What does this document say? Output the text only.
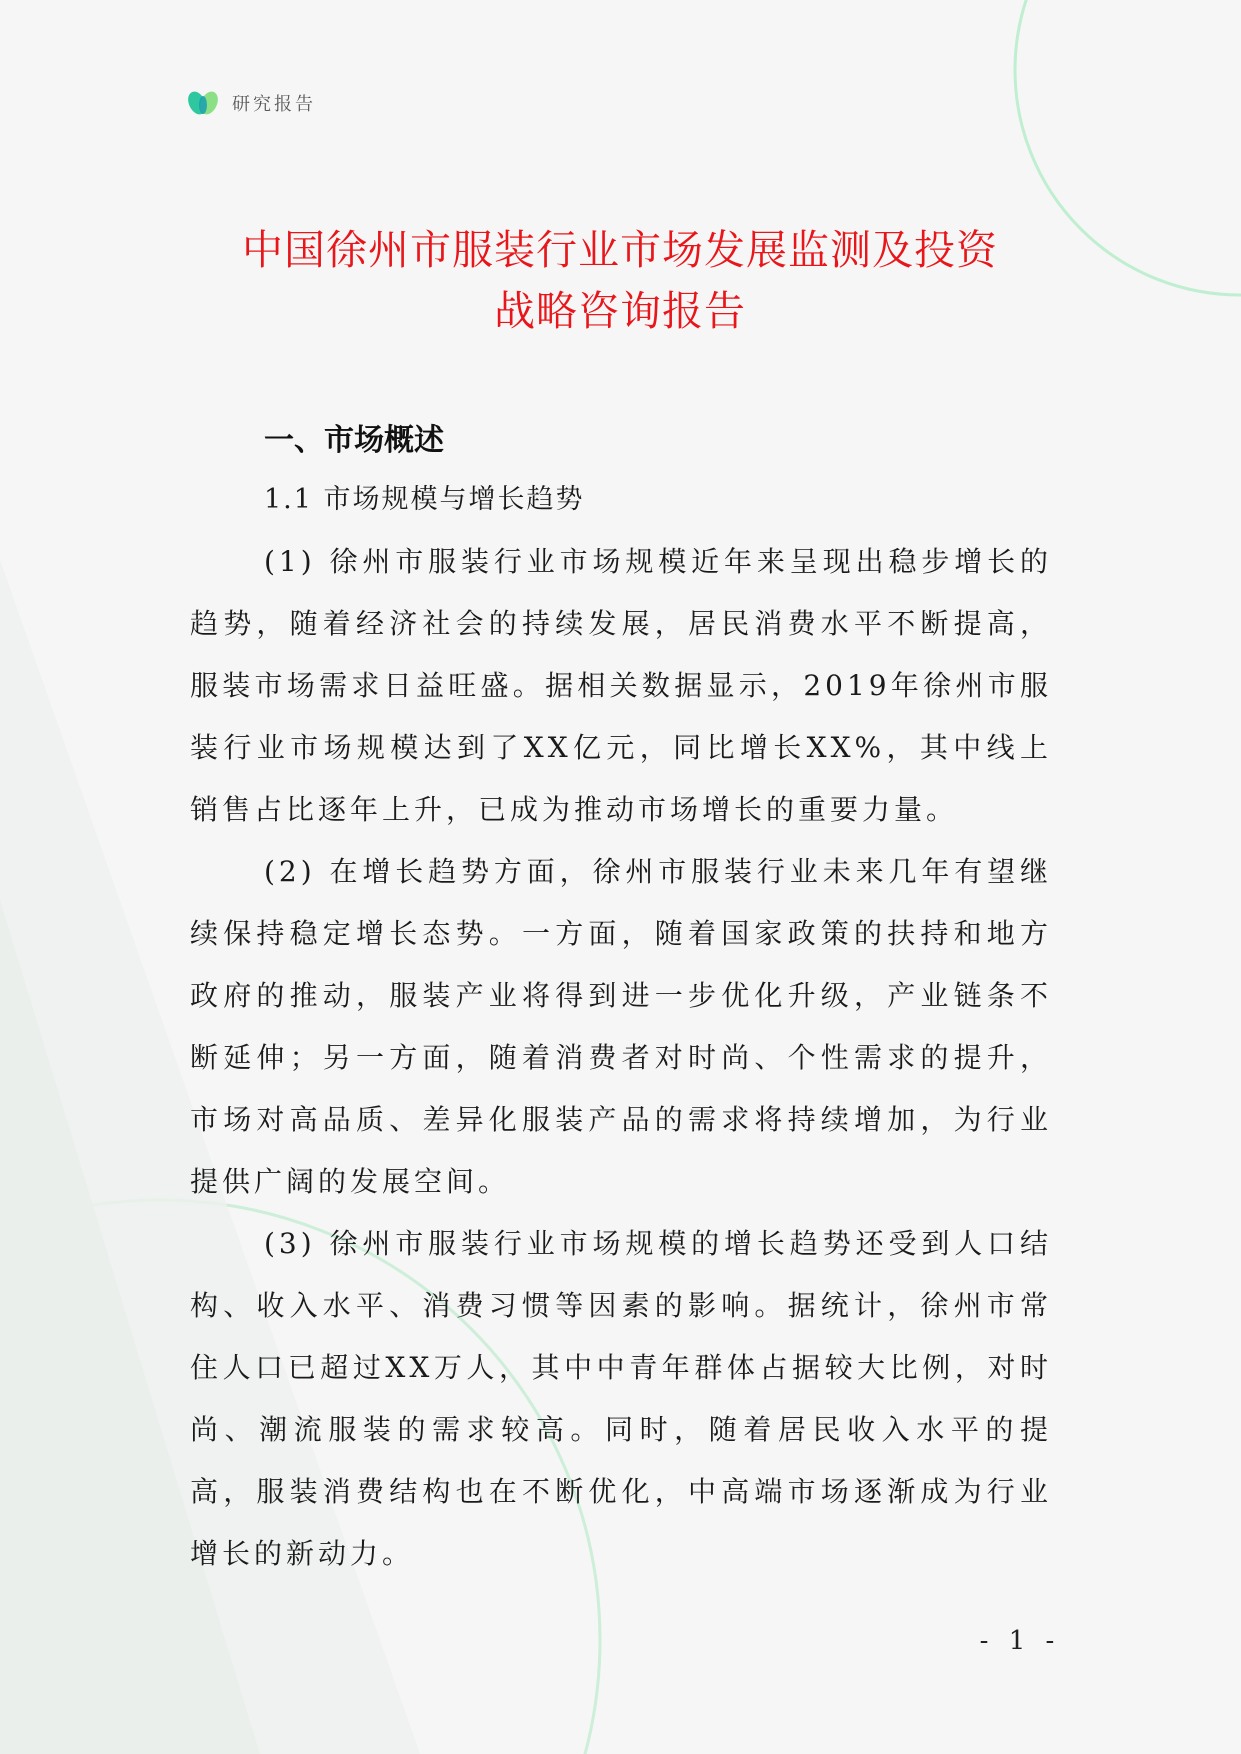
研究报告
中国徐州市服装行业市场发展监测及投资
战略咨询报告
一、市场概述
1.1 市场规模与增长趋势

(1) 徐州市服装行业市场规模近年来呈现出稳步增长的趋势，随着经济社会的持续发展，居民消费水平不断提高，服装市场需求日益旺盛。据相关数据显示，2019年徐州市服装行业市场规模达到了XX亿元，同比增长XX%，其中线上销售占比逐年上升，已成为推动市场增长的重要力量。

(2) 在增长趋势方面，徐州市服装行业未来几年有望继续保持稳定增长态势。一方面，随着国家政策的扶持和地方政府的推动，服装产业将得到进一步优化升级，产业链条不断延伸；另一方面，随着消费者对时尚、个性需求的提升，市场对高品质、差异化服装产品的需求将持续增加，为行业提供广阔的发展空间。

(3) 徐州市服装行业市场规模的增长趋势还受到人口结构、收入水平、消费习惯等因素的影响。据统计，徐州市常住人口已超过XX万人，其中中青年群体占据较大比例，对时尚、潮流服装的需求较高。同时，随着居民收入水平的提高，服装消费结构也在不断优化，中高端市场逐渐成为行业增长的新动力。

- 1 -
